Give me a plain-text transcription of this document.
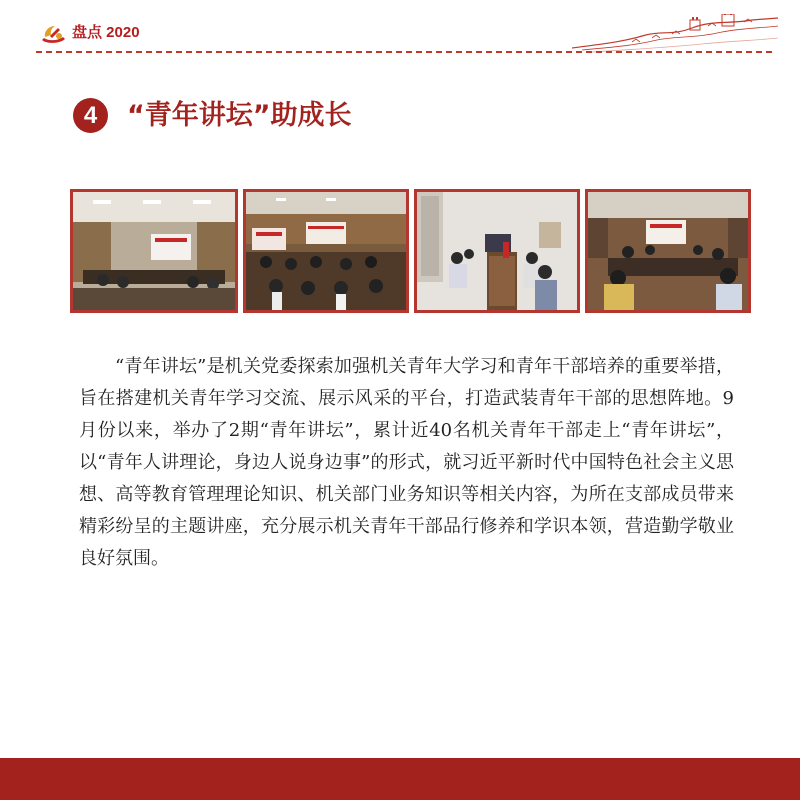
盘点 2020
4	“青年讲坛”助成长

“青年讲坛”是机关党委探索加强机关青年大学习和青年干部培养的重要举措，旨在搭建机关青年学习交流、展示风采的平台，打造武装青年干部的思想阵地。9月份以来，举办了2期“青年讲坛”，累计近40名机关青年干部走上“青年讲坛”，以“青年人讲理论，身边人说身边事”的形式，就习近平新时代中国特色社会主义思想、高等教育管理理论知识、机关部门业务知识等相关内容，为所在支部成员带来精彩纷呈的主题讲座，充分展示机关青年干部品行修养和学识本领，营造勤学敬业良好氛围。
